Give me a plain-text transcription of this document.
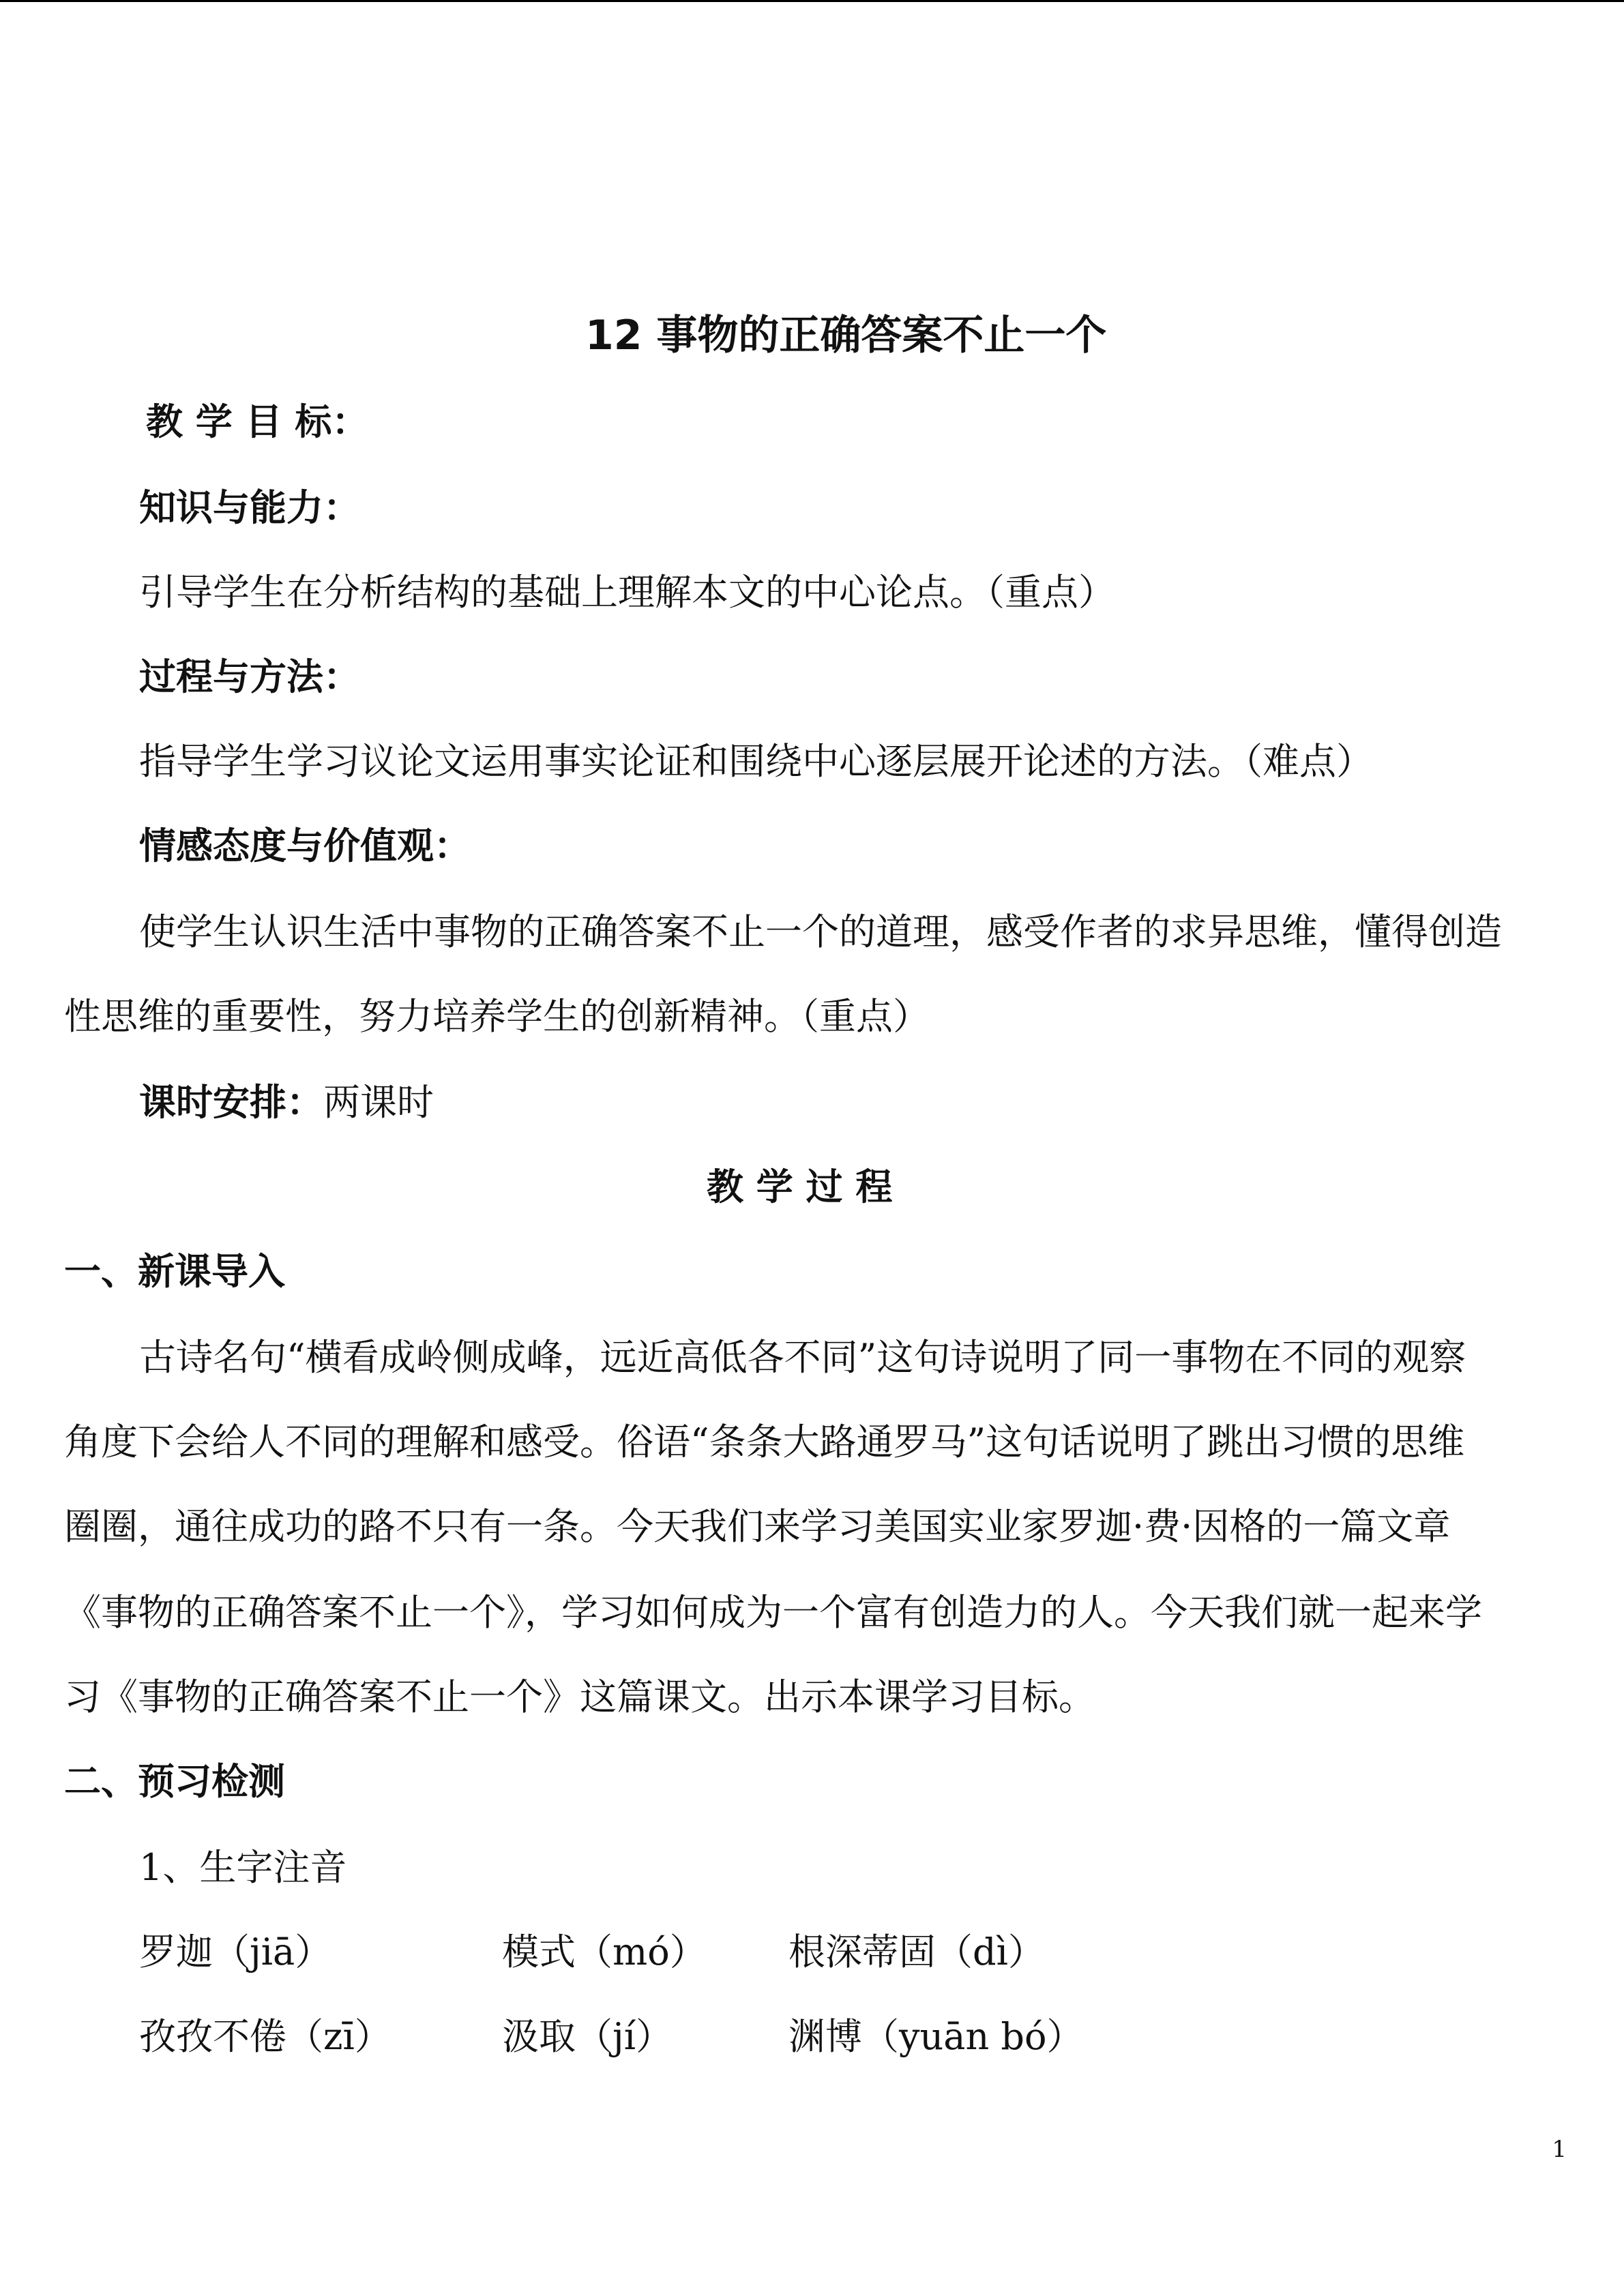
12 事物的正确答案不止一个
教 学 目 标：
知识与能力：
引导学生在分析结构的基础上理解本文的中心论点。（重点）
过程与方法：
指导学生学习议论文运用事实论证和围绕中心逐层展开论述的方法。（难点）
情感态度与价值观：
使学生认识生活中事物的正确答案不止一个的道理，感受作者的求异思维，懂得创造
性思维的重要性，努力培养学生的创新精神。（重点）
课时安排：两课时
教 学 过 程
一、新课导入
古诗名句“横看成岭侧成峰，远近高低各不同”这句诗说明了同一事物在不同的观察
角度下会给人不同的理解和感受。俗语“条条大路通罗马”这句话说明了跳出习惯的思维
圈圈，通往成功的路不只有一条。今天我们来学习美国实业家罗迦·费·因格的一篇文章
《事物的正确答案不止一个》，学习如何成为一个富有创造力的人。今天我们就一起来学
习《事物的正确答案不止一个》这篇课文。出示本课学习目标。
二、预习检测
1、生字注音
罗迦（jiā）	模式（mó） 根深蒂固（dì）
孜孜不倦（zī）	汲取（jí）	渊博（yuān bó）
1
